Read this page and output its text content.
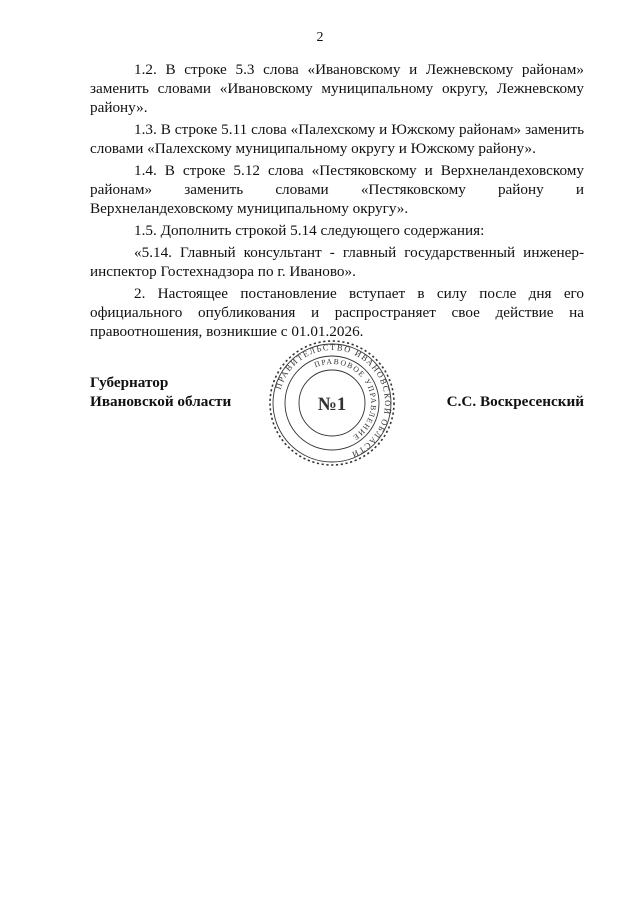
2

1.2. В строке 5.3 слова «Ивановскому и Лежневскому районам» заменить словами «Ивановскому муниципальному округу, Лежневскому району».

1.3. В строке 5.11 слова «Палехскому и Южскому районам» заменить словами «Палехскому муниципальному округу и Южскому району».

1.4. В строке 5.12 слова «Пестяковскому и Верхнеландеховскому районам» заменить словами «Пестяковскому району и Верхнеландеховскому муниципальному округу».

1.5. Дополнить строкой 5.14 следующего содержания:

«5.14. Главный консультант - главный государственный инженер-инспектор Гостехнадзора по г. Иваново».

2. Настоящее постановление вступает в силу после дня его официального опубликования и распространяет свое действие на правоотношения, возникшие с 01.01.2026.

Губернатор
Ивановской области
ПРАВИТЕЛЬСТВО ИВАНОВСКОЙ ОБЛАСТИ
ПРАВОВОЕ УПРАВЛЕНИЕ
№1	С.С. Воскресенский
